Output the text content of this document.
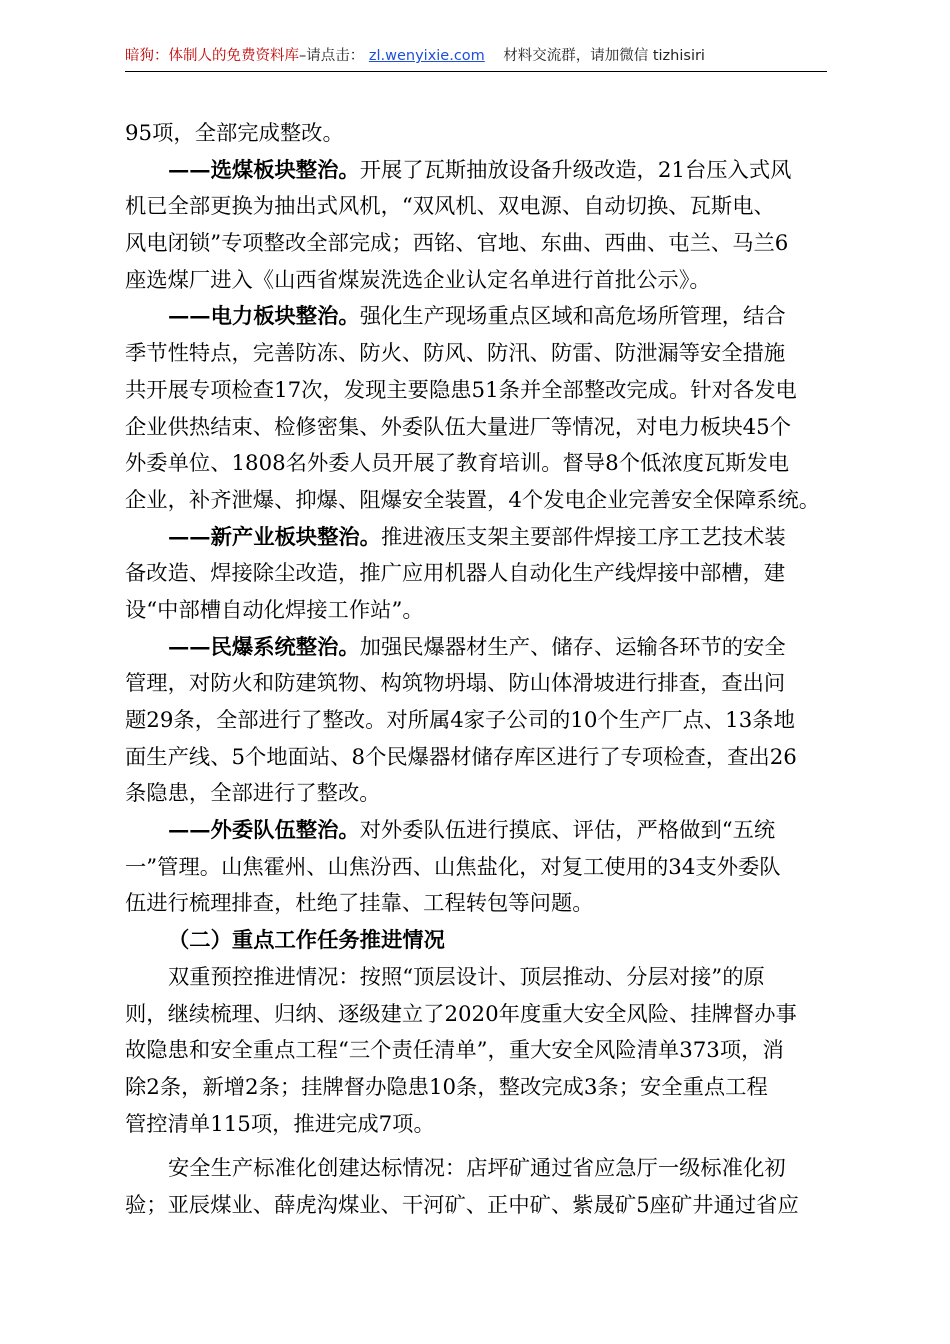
暗狗：体制人的免费资料库–请点击： zl.wenyixie.com 材料交流群，请加微信 tizhisiri
95项，全部完成整改。
——选煤板块整治。开展了瓦斯抽放设备升级改造，21台压入式风
机已全部更换为抽出式风机，“双风机、双电源、自动切换、瓦斯电、
风电闭锁”专项整改全部完成；西铭、官地、东曲、西曲、屯兰、马兰6
座选煤厂进入《山西省煤炭洗选企业认定名单进行首批公示》。
——电力板块整治。强化生产现场重点区域和高危场所管理，结合
季节性特点，完善防冻、防火、防风、防汛、防雷、防泄漏等安全措施
共开展专项检查17次，发现主要隐患51条并全部整改完成。针对各发电
企业供热结束、检修密集、外委队伍大量进厂等情况，对电力板块45个
外委单位、1808名外委人员开展了教育培训。督导8个低浓度瓦斯发电
企业，补齐泄爆、抑爆、阻爆安全装置，4个发电企业完善安全保障系统。
——新产业板块整治。推进液压支架主要部件焊接工序工艺技术装
备改造、焊接除尘改造，推广应用机器人自动化生产线焊接中部槽，建
设“中部槽自动化焊接工作站”。
——民爆系统整治。加强民爆器材生产、储存、运输各环节的安全
管理，对防火和防建筑物、构筑物坍塌、防山体滑坡进行排查，查出问
题29条，全部进行了整改。对所属4家子公司的10个生产厂点、13条地
面生产线、5个地面站、8个民爆器材储存库区进行了专项检查，查出26
条隐患，全部进行了整改。
——外委队伍整治。对外委队伍进行摸底、评估，严格做到“五统
一”管理。山焦霍州、山焦汾西、山焦盐化，对复工使用的34支外委队
伍进行梳理排查，杜绝了挂靠、工程转包等问题。
（二）重点工作任务推进情况
双重预控推进情况：按照“顶层设计、顶层推动、分层对接”的原
则，继续梳理、归纳、逐级建立了2020年度重大安全风险、挂牌督办事
故隐患和安全重点工程“三个责任清单”，重大安全风险清单373项，消
除2条，新增2条；挂牌督办隐患10条，整改完成3条；安全重点工程
管控清单115项，推进完成7项。
安全生产标准化创建达标情况：店坪矿通过省应急厅一级标准化初
验；亚辰煤业、薛虎沟煤业、干河矿、正中矿、紫晟矿5座矿井通过省应
